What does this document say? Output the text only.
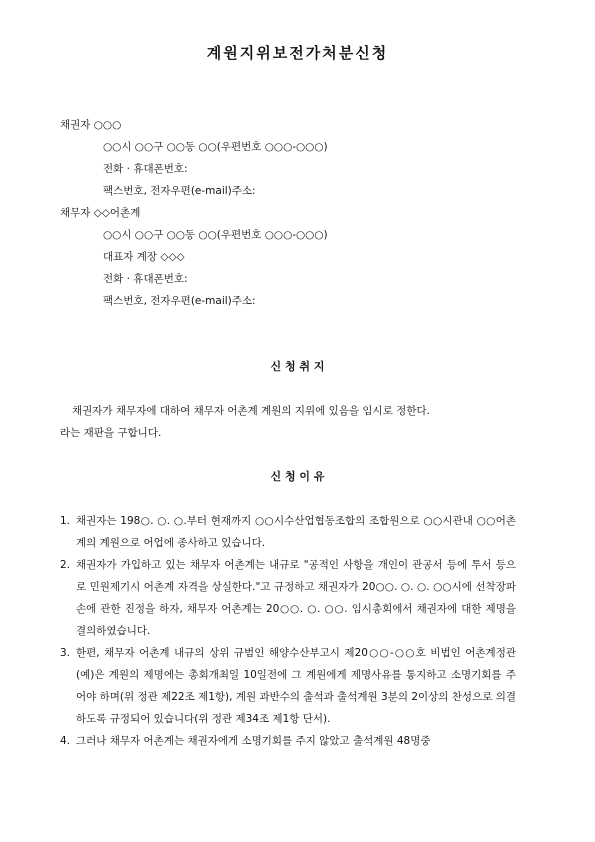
계원지위보전가처분신청
채권자 ○○○
○○시 ○○구 ○○동 ○○(우편번호 ○○○-○○○)
전화 · 휴대폰번호:
팩스번호, 전자우편(e-mail)주소:
채무자 ◇◇어촌계
○○시 ○○구 ○○동 ○○(우편번호 ○○○-○○○)
대표자 계장 ◇◇◇
전화 · 휴대폰번호:
팩스번호, 전자우편(e-mail)주소:
신 청 취 지
채권자가 채무자에 대하여 채무자 어촌계 계원의 지위에 있음을 임시로 정한다.
라는 재판을 구합니다.
신 청 이 유
1. 채권자는 198○. ○. ○.부터 현재까지 ○○시수산업협동조합의 조합원으로 ○○시관내 ○○어촌계의 계원으로 어업에 종사하고 있습니다.
2. 채권자가 가입하고 있는 채무자 어촌계는 내규로 "공적인 사항을 개인이 관공서 등에 투서 등으로 민원제기시 어촌계 자격을 상실한다."고 규정하고 채권자가 20○○. ○. ○. ○○시에 선착장파손에 관한 진정을 하자, 채무자 어촌계는 20○○. ○. ○○. 임시총회에서 채권자에 대한 제명을 결의하였습니다.
3. 한편, 채무자 어촌계 내규의 상위 규범인 해양수산부고시 제20○○-○○호 비법인 어촌계정관(예)은 계원의 제명에는 총회개최일 10일전에 그 계원에게 제명사유를 통지하고 소명기회를 주어야 하며(위 정관 제22조 제1항), 계원 과반수의 출석과 출석계원 3분의 2이상의 찬성으로 의결하도록 규정되어 있습니다(위 정관 제34조 제1항 단서).
4. 그러나 채무자 어촌계는 채권자에게 소명기회를 주지 않았고 출석계원 48명중
